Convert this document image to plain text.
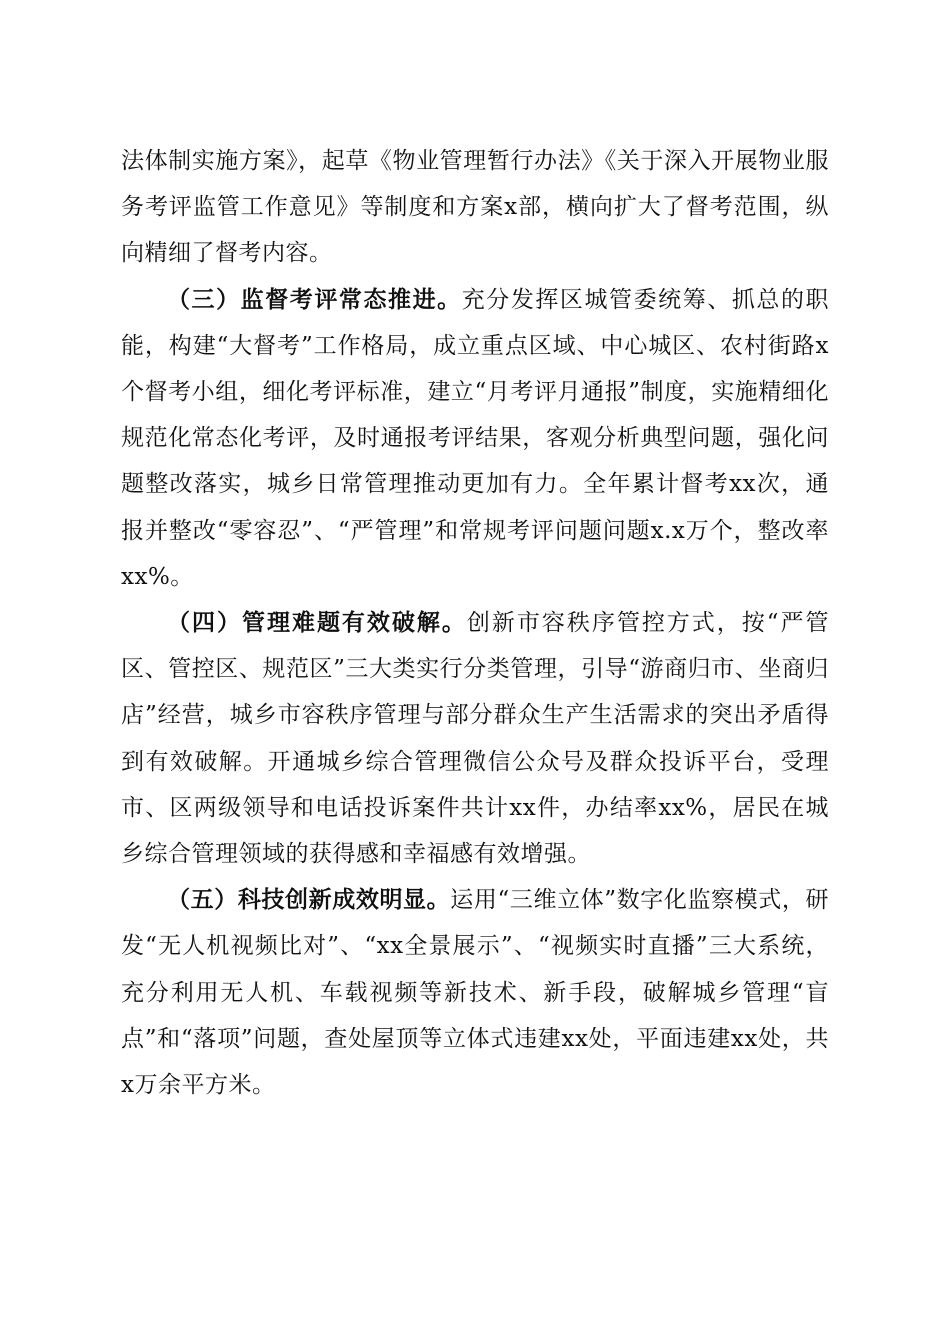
法体制实施方案》，起草《物业管理暂行办法》《关于深入开展物业服务考评监管工作意见》等制度和方案x部，横向扩大了督考范围，纵向精细了督考内容。

（三）监督考评常态推进。充分发挥区城管委统筹、抓总的职能，构建“大督考”工作格局，成立重点区域、中心城区、农村街路x个督考小组，细化考评标准，建立“月考评月通报”制度，实施精细化规范化常态化考评，及时通报考评结果，客观分析典型问题，强化问题整改落实，城乡日常管理推动更加有力。全年累计督考xx次，通报并整改“零容忍”、“严管理”和常规考评问题问题x.x万个，整改率xx%。

（四）管理难题有效破解。创新市容秩序管控方式，按“严管区、管控区、规范区”三大类实行分类管理，引导“游商归市、坐商归店”经营，城乡市容秩序管理与部分群众生产生活需求的突出矛盾得到有效破解。开通城乡综合管理微信公众号及群众投诉平台，受理市、区两级领导和电话投诉案件共计xx件，办结率xx%，居民在城乡综合管理领域的获得感和幸福感有效增强。

（五）科技创新成效明显。运用“三维立体”数字化监察模式，研发“无人机视频比对”、“xx全景展示”、“视频实时直播”三大系统，充分利用无人机、车载视频等新技术、新手段，破解城乡管理“盲点”和“落项”问题，查处屋顶等立体式违建xx处，平面违建xx处，共x万余平方米。
